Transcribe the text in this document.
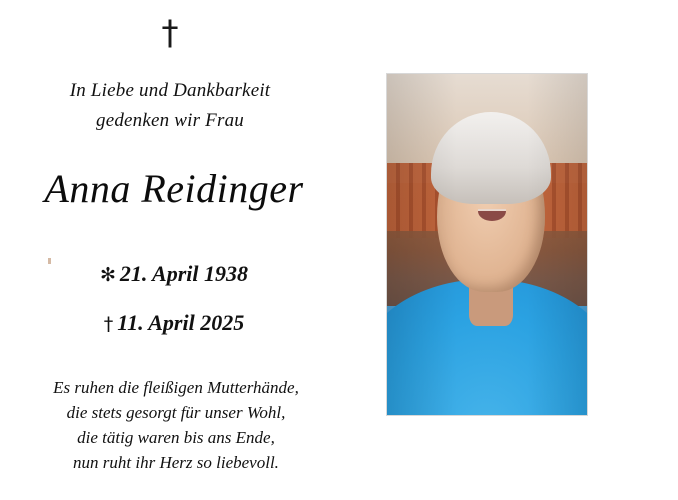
†
In Liebe und Dankbarkeit
gedenken wir Frau
Anna Reidinger
✻ 21. April 1938
† 11. April 2025
Es ruhen die fleißigen Mutterhände,
die stets gesorgt für unser Wohl,
die tätig waren bis ans Ende,
nun ruht ihr Herz so liebevoll.
